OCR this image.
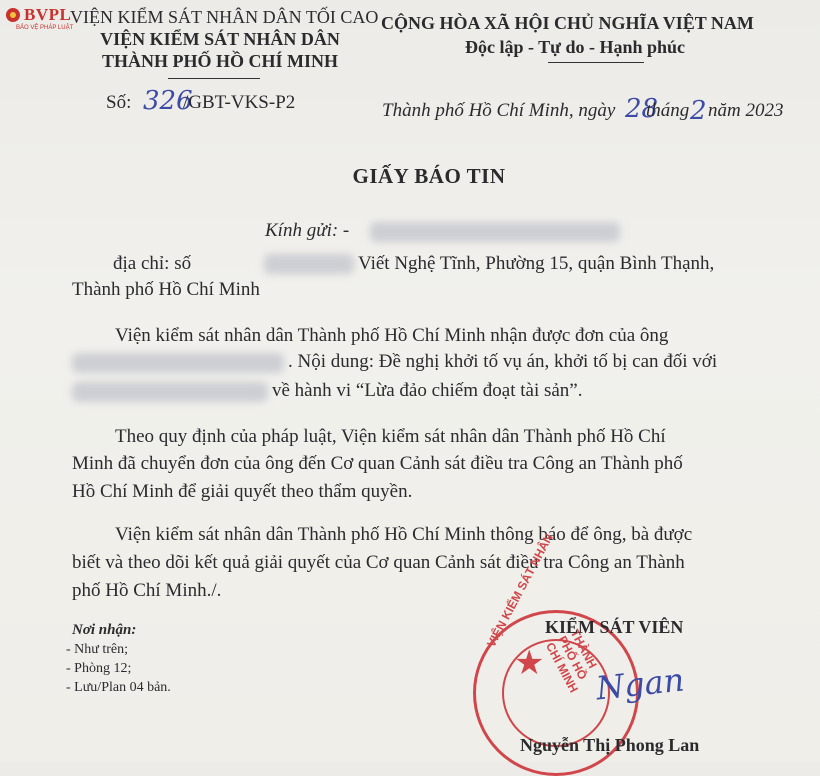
BVPL
BẢO VỆ PHÁP LUẬT
VIỆN KIỂM SÁT NHÂN DÂN TỐI CAO
VIỆN KIỂM SÁT NHÂN DÂN
THÀNH PHỐ HỒ CHÍ MINH
CỘNG HÒA XÃ HỘI CHỦ NGHĨA VIỆT NAM
Độc lập - Tự do - Hạnh phúc
Số: 326
/GBT-VKS-P2	Thành phố Hồ Chí Minh, ngày 28
tháng 2 năm 2023
GIẤY BÁO TIN
Kính gửi: -
địa chỉ: số	Viết Nghệ Tĩnh, Phường 15, quận Bình Thạnh,
Thành phố Hồ Chí Minh
Viện kiểm sát nhân dân Thành phố Hồ Chí Minh nhận được đơn của ông
. Nội dung: Đề nghị khởi tố vụ án, khởi tố bị can đối với
về hành vi “Lừa đảo chiếm đoạt tài sản”.
Theo quy định của pháp luật, Viện kiểm sát nhân dân Thành phố Hồ Chí
Minh đã chuyển đơn của ông đến Cơ quan Cảnh sát điều tra Công an Thành phố
Hồ Chí Minh để giải quyết theo thẩm quyền.
Viện kiểm sát nhân dân Thành phố Hồ Chí Minh thông báo để ông, bà được
biết và theo dõi kết quả giải quyết của Cơ quan Cảnh sát điều tra Công an Thành
phố Hồ Chí Minh./.
Nơi nhận:
- Như trên;
- Phòng 12;
- Lưu/Plan 04 bản.
★
VIỆN KIỂM SÁT NHÂN THÀNH PHỐ HỒ CHÍ MINH
KIỂM SÁT VIÊN
Ngan
Nguyễn Thị Phong Lan
